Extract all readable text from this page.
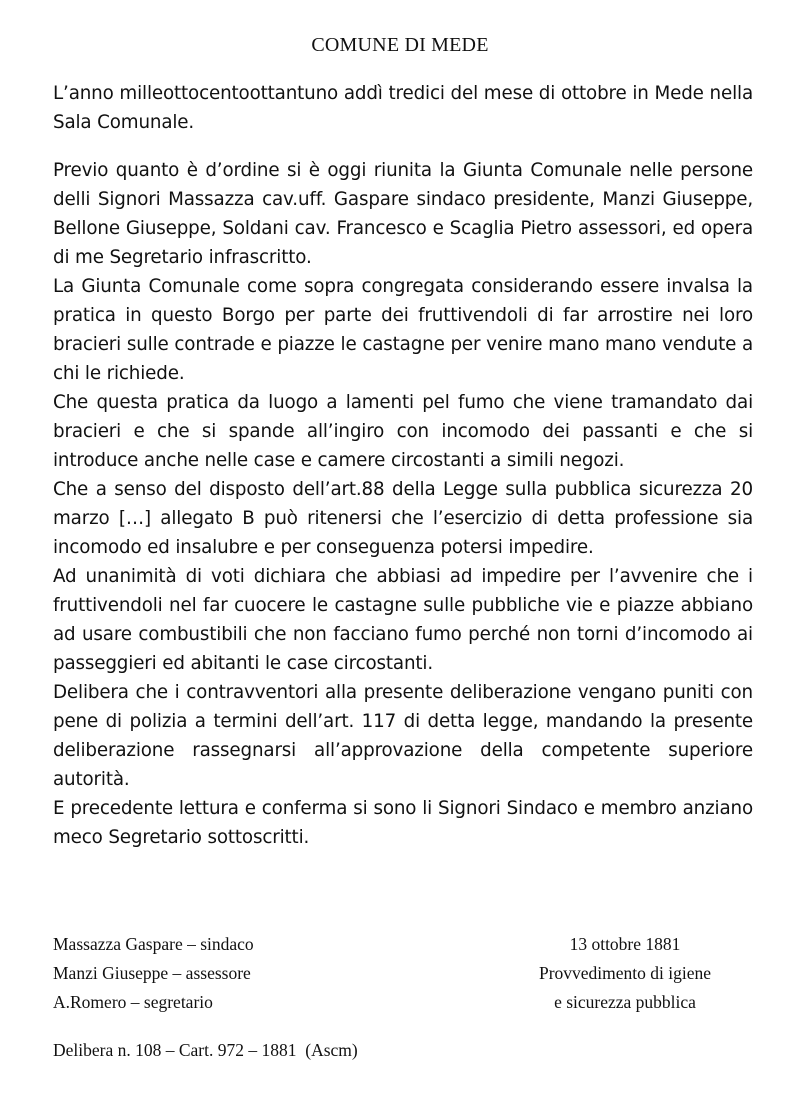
COMUNE DI MEDE
L’anno milleottocentoottantuno addì tredici del mese di ottobre in Mede nella Sala Comunale.

Previo quanto è d’ordine si è oggi riunita la Giunta Comunale nelle persone delli Signori Massazza cav.uff. Gaspare sindaco presidente, Manzi Giuseppe, Bellone Giuseppe, Soldani cav. Francesco e Scaglia Pietro assessori, ed opera di me Segretario infrascritto.

La Giunta Comunale come sopra congregata considerando essere invalsa la pratica in questo Borgo per parte dei fruttivendoli di far arrostire nei loro bracieri sulle contrade e piazze le castagne per venire mano mano vendute a chi le richiede.

Che questa pratica da luogo a lamenti pel fumo che viene tramandato dai bracieri e che si spande all’ingiro con incomodo dei passanti e che si introduce anche nelle case e camere circostanti a simili negozi.

Che a senso del disposto dell’art.88 della Legge sulla pubblica sicurezza 20 marzo […] allegato B può ritenersi che l’esercizio di detta professione sia incomodo ed insalubre e per conseguenza potersi impedire.

Ad unanimità di voti dichiara che abbiasi ad impedire per l’avvenire che i fruttivendoli nel far cuocere le castagne sulle pubbliche vie e piazze abbiano ad usare combustibili che non facciano fumo perché non torni d’incomodo ai passeggieri ed abitanti le case circostanti.

Delibera che i contravventori alla presente deliberazione vengano puniti con pene di polizia a termini dell’art. 117 di detta legge, mandando la presente deliberazione rassegnarsi all’approvazione della competente superiore autorità.

E precedente lettura e conferma si sono li Signori Sindaco e membro anziano meco Segretario sottoscritti.

Massazza Gaspare – sindaco
Manzi Giuseppe – assessore
A.Romero – segretario
13 ottobre 1881
Provvedimento di igiene
e sicurezza pubblica
Delibera n. 108 – Cart. 972 – 1881  (Ascm)
